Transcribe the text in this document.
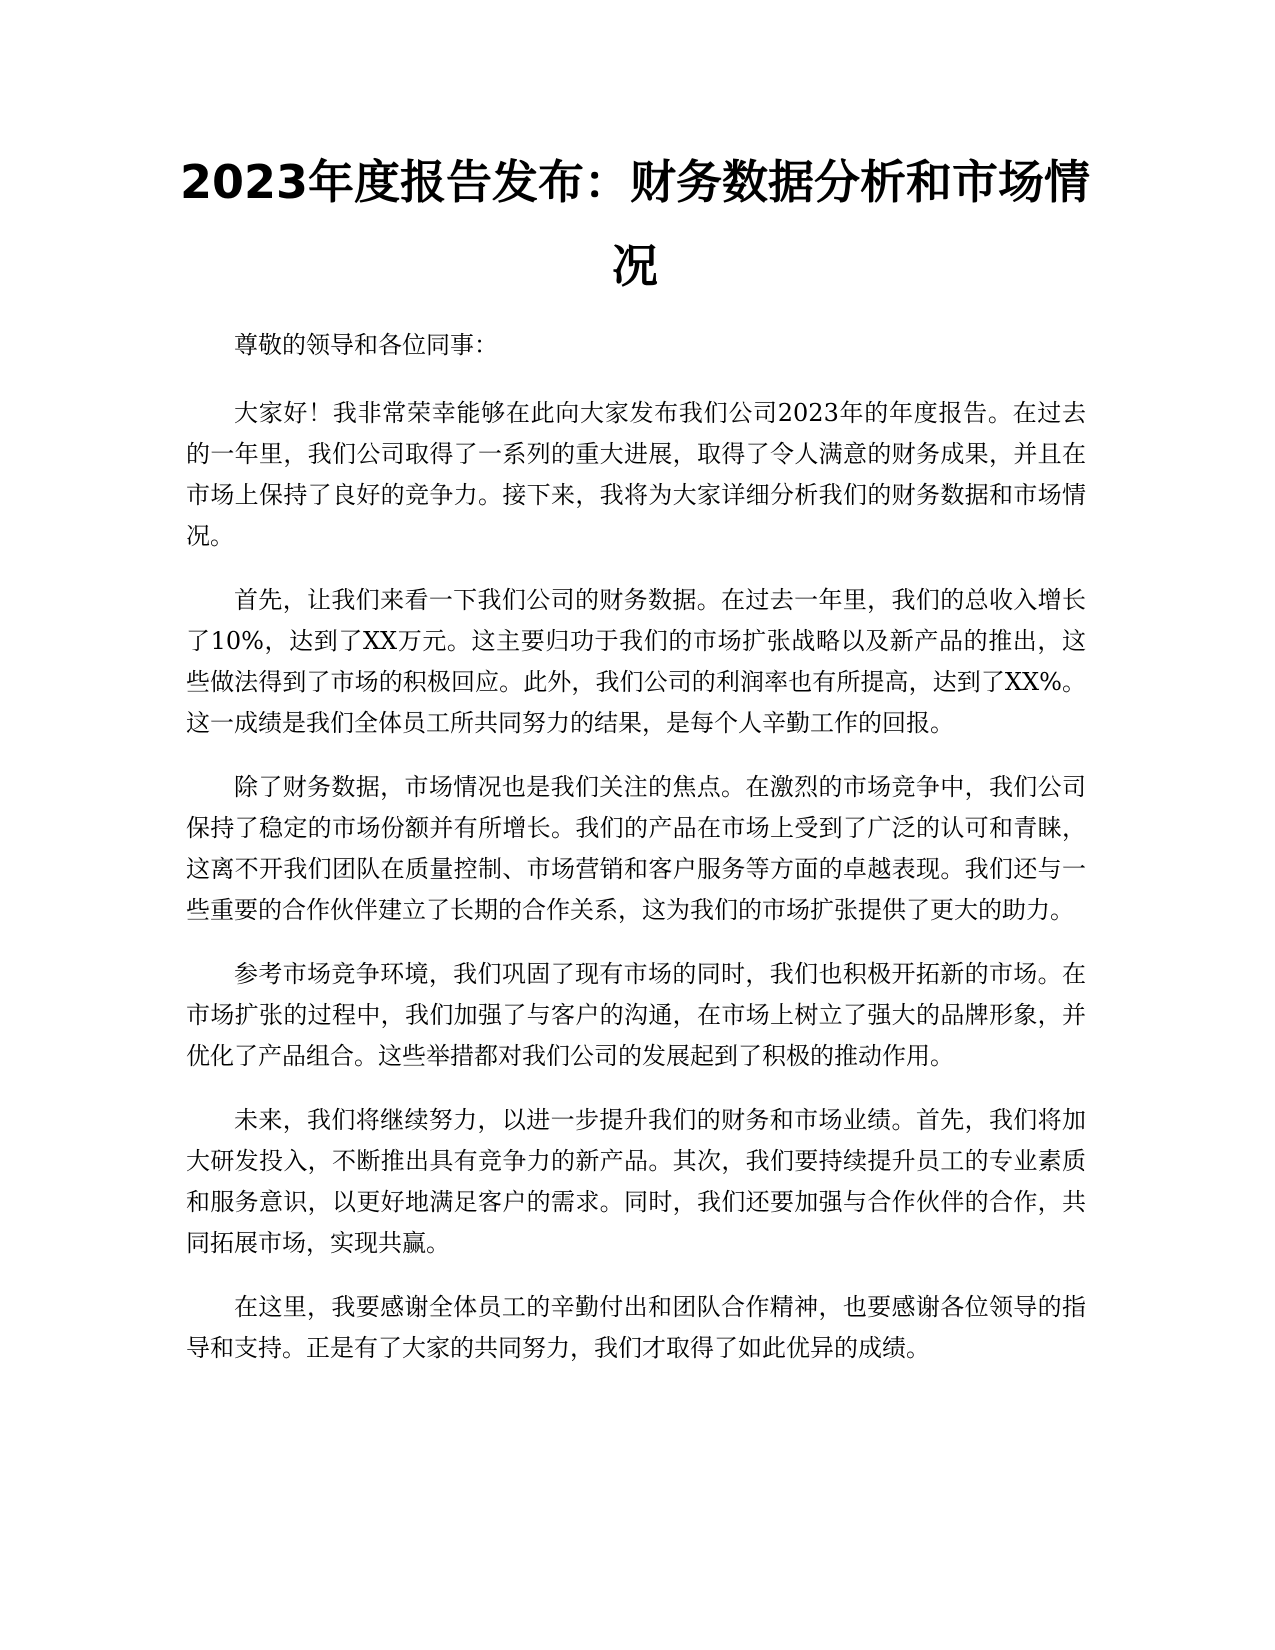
2023年度报告发布：财务数据分析和市场情况

尊敬的领导和各位同事：

大家好！我非常荣幸能够在此向大家发布我们公司2023年的年度报告。在过去的一年里，我们公司取得了一系列的重大进展，取得了令人满意的财务成果，并且在市场上保持了良好的竞争力。接下来，我将为大家详细分析我们的财务数据和市场情况。

首先，让我们来看一下我们公司的财务数据。在过去一年里，我们的总收入增长了10%，达到了XX万元。这主要归功于我们的市场扩张战略以及新产品的推出，这些做法得到了市场的积极回应。此外，我们公司的利润率也有所提高，达到了XX%。这一成绩是我们全体员工所共同努力的结果，是每个人辛勤工作的回报。

除了财务数据，市场情况也是我们关注的焦点。在激烈的市场竞争中，我们公司保持了稳定的市场份额并有所增长。我们的产品在市场上受到了广泛的认可和青睐，这离不开我们团队在质量控制、市场营销和客户服务等方面的卓越表现。我们还与一些重要的合作伙伴建立了长期的合作关系，这为我们的市场扩张提供了更大的助力。

参考市场竞争环境，我们巩固了现有市场的同时，我们也积极开拓新的市场。在市场扩张的过程中，我们加强了与客户的沟通，在市场上树立了强大的品牌形象，并优化了产品组合。这些举措都对我们公司的发展起到了积极的推动作用。

未来，我们将继续努力，以进一步提升我们的财务和市场业绩。首先，我们将加大研发投入，不断推出具有竞争力的新产品。其次，我们要持续提升员工的专业素质和服务意识，以更好地满足客户的需求。同时，我们还要加强与合作伙伴的合作，共同拓展市场，实现共赢。

在这里，我要感谢全体员工的辛勤付出和团队合作精神，也要感谢各位领导的指导和支持。正是有了大家的共同努力，我们才取得了如此优异的成绩。
